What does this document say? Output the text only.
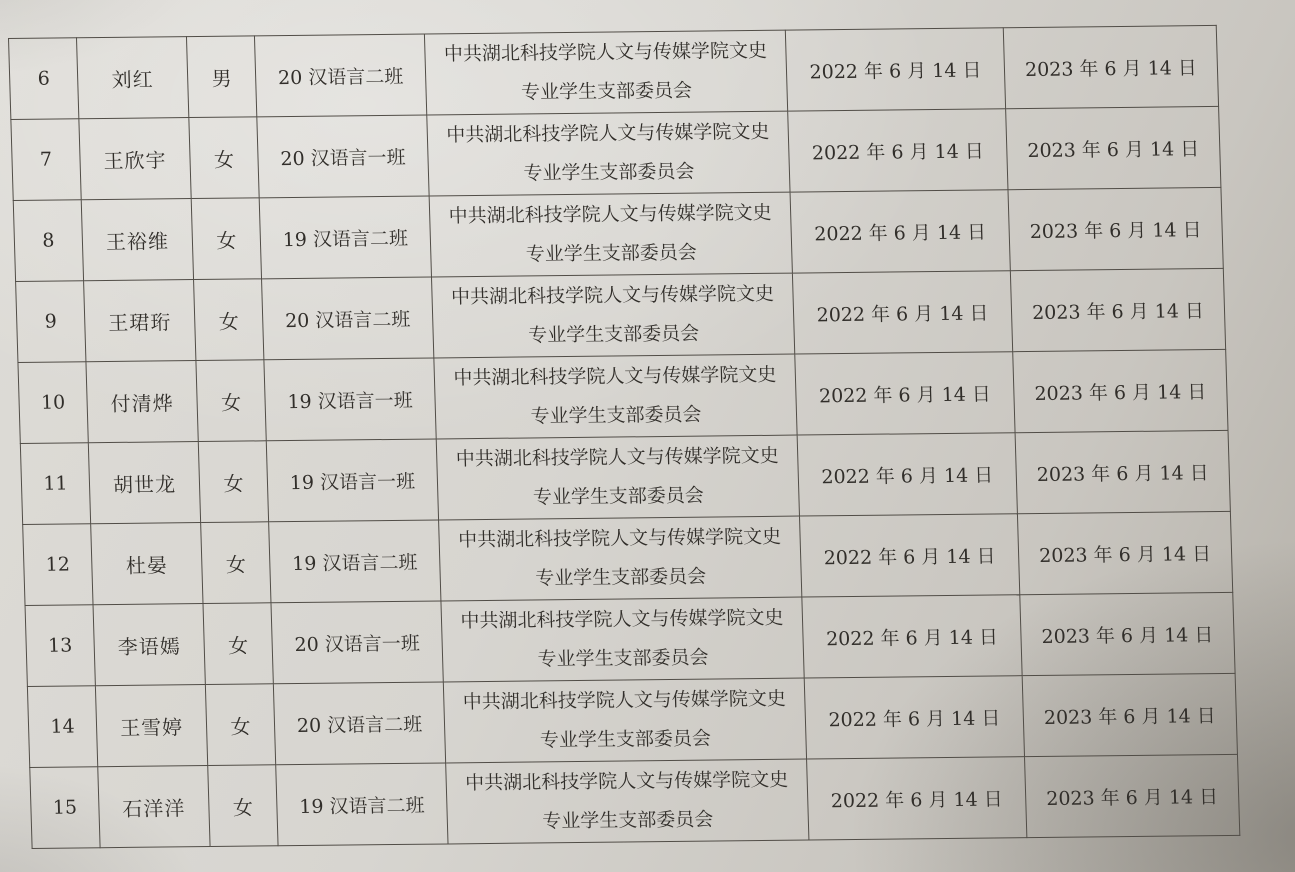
6	刘红	男	20 汉语言二班	中共湖北科技学院人文与传媒学院文史
专业学生支部委员会	2022 年 6 月 14 日	2023 年 6 月 14 日
7	王欣宇	女	20 汉语言一班	中共湖北科技学院人文与传媒学院文史
专业学生支部委员会	2022 年 6 月 14 日	2023 年 6 月 14 日
8	王裕维	女	19 汉语言二班	中共湖北科技学院人文与传媒学院文史
专业学生支部委员会	2022 年 6 月 14 日	2023 年 6 月 14 日
9	王珺珩	女	20 汉语言二班	中共湖北科技学院人文与传媒学院文史
专业学生支部委员会	2022 年 6 月 14 日	2023 年 6 月 14 日
10	付清烨	女	19 汉语言一班	中共湖北科技学院人文与传媒学院文史
专业学生支部委员会	2022 年 6 月 14 日	2023 年 6 月 14 日
11	胡世龙	女	19 汉语言一班	中共湖北科技学院人文与传媒学院文史
专业学生支部委员会	2022 年 6 月 14 日	2023 年 6 月 14 日
12	杜晏	女	19 汉语言二班	中共湖北科技学院人文与传媒学院文史
专业学生支部委员会	2022 年 6 月 14 日	2023 年 6 月 14 日
13	李语嫣	女	20 汉语言一班	中共湖北科技学院人文与传媒学院文史
专业学生支部委员会	2022 年 6 月 14 日	2023 年 6 月 14 日
14	王雪婷	女	20 汉语言二班	中共湖北科技学院人文与传媒学院文史
专业学生支部委员会	2022 年 6 月 14 日	2023 年 6 月 14 日
15	石洋洋	女	19 汉语言二班	中共湖北科技学院人文与传媒学院文史
专业学生支部委员会	2022 年 6 月 14 日	2023 年 6 月 14 日
